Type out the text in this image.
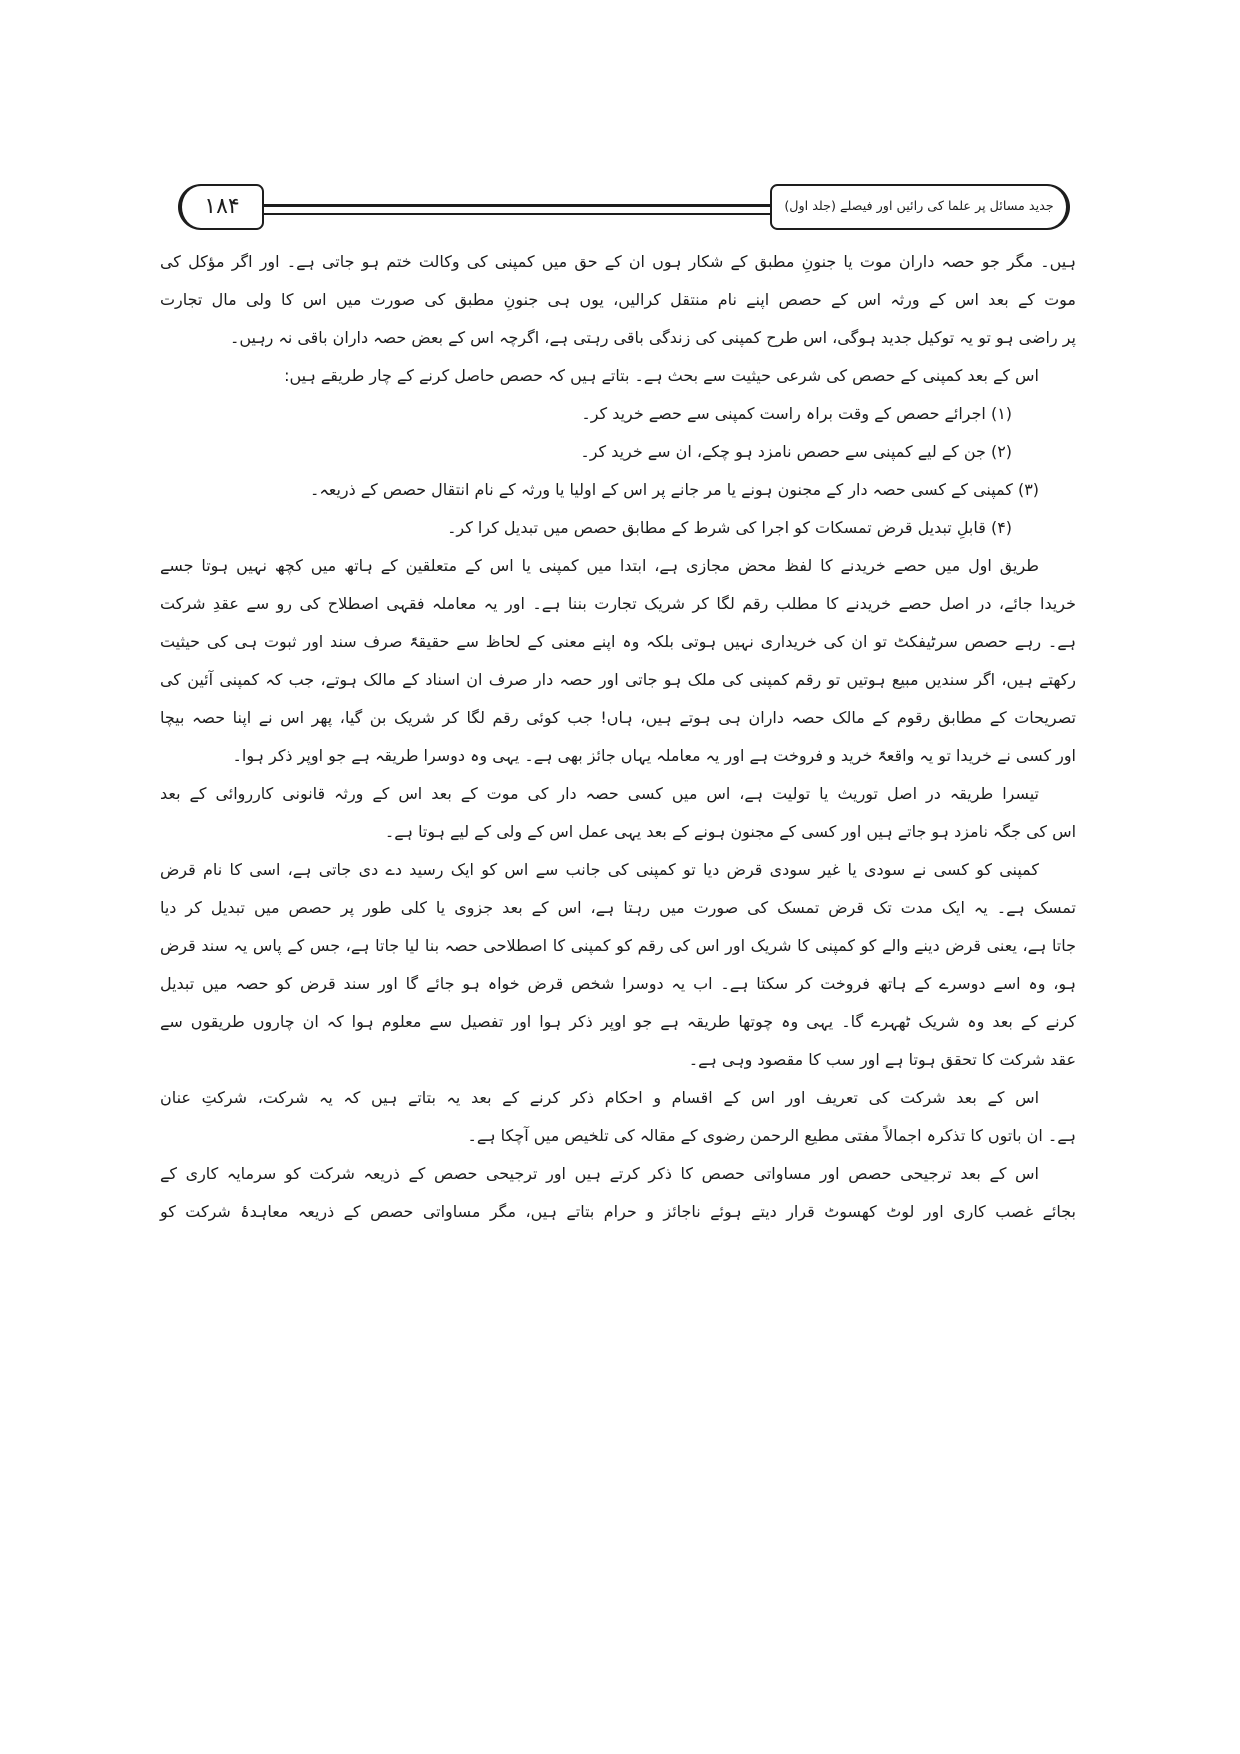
۱۸۴	جدید مسائل پر علما کی رائیں اور فیصلے (جلد اول)
ہیں۔ مگر جو حصہ داران موت یا جنونِ مطبق کے شکار ہوں ان کے حق میں کمپنی کی وکالت ختم ہو جاتی ہے۔ اور اگر مؤکل کی
موت کے بعد اس کے ورثہ اس کے حصص اپنے نام منتقل کرالیں، یوں ہی جنونِ مطبق کی صورت میں اس کا ولی مال تجارت
پر راضی ہو تو یہ توکیل جدید ہوگی، اس طرح کمپنی کی زندگی باقی رہتی ہے، اگرچہ اس کے بعض حصہ داران باقی نہ رہیں۔
اس کے بعد کمپنی کے حصص کی شرعی حیثیت سے بحث ہے۔ بتاتے ہیں کہ حصص حاصل کرنے کے چار طریقے ہیں:
(۱) اجرائے حصص کے وقت براہ راست کمپنی سے حصے خرید کر۔
(۲) جن کے لیے کمپنی سے حصص نامزد ہو چکے، ان سے خرید کر۔
(۳) کمپنی کے کسی حصہ دار کے مجنون ہونے یا مر جانے پر اس کے اولیا یا ورثہ کے نام انتقال حصص کے ذریعہ۔
(۴) قابلِ تبدیل قرض تمسکات کو اجرا کی شرط کے مطابق حصص میں تبدیل کرا کر۔
طریق اول میں حصے خریدنے کا لفظ محض مجازی ہے، ابتدا میں کمپنی یا اس کے متعلقین کے ہاتھ میں کچھ نہیں ہوتا جسے
خریدا جائے، در اصل حصے خریدنے کا مطلب رقم لگا کر شریک تجارت بننا ہے۔ اور یہ معاملہ فقہی اصطلاح کی رو سے عقدِ شرکت
ہے۔ رہے حصص سرٹیفکٹ تو ان کی خریداری نہیں ہوتی بلکہ وہ اپنے معنی کے لحاظ سے حقیقۃً صرف سند اور ثبوت ہی کی حیثیت
رکھتے ہیں، اگر سندیں مبیع ہوتیں تو رقم کمپنی کی ملک ہو جاتی اور حصہ دار صرف ان اسناد کے مالک ہوتے، جب کہ کمپنی آئین کی
تصریحات کے مطابق رقوم کے مالک حصہ داران ہی ہوتے ہیں، ہاں! جب کوئی رقم لگا کر شریک بن گیا، پھر اس نے اپنا حصہ بیچا
اور کسی نے خریدا تو یہ واقعۃً خرید و فروخت ہے اور یہ معاملہ یہاں جائز بھی ہے۔ یہی وہ دوسرا طریقہ ہے جو اوپر ذکر ہوا۔
تیسرا طریقہ در اصل توریث یا تولیت ہے، اس میں کسی حصہ دار کی موت کے بعد اس کے ورثہ قانونی کارروائی کے بعد
اس کی جگہ نامزد ہو جاتے ہیں اور کسی کے مجنون ہونے کے بعد یہی عمل اس کے ولی کے لیے ہوتا ہے۔
کمپنی کو کسی نے سودی یا غیر سودی قرض دیا تو کمپنی کی جانب سے اس کو ایک رسید دے دی جاتی ہے، اسی کا نام قرض
تمسک ہے۔ یہ ایک مدت تک قرض تمسک کی صورت میں رہتا ہے، اس کے بعد جزوی یا کلی طور پر حصص میں تبدیل کر دیا
جاتا ہے، یعنی قرض دینے والے کو کمپنی کا شریک اور اس کی رقم کو کمپنی کا اصطلاحی حصہ بنا لیا جاتا ہے، جس کے پاس یہ سند قرض
ہو، وہ اسے دوسرے کے ہاتھ فروخت کر سکتا ہے۔ اب یہ دوسرا شخص قرض خواہ ہو جائے گا اور سند قرض کو حصہ میں تبدیل
کرنے کے بعد وہ شریک ٹھہرے گا۔ یہی وہ چوتھا طریقہ ہے جو اوپر ذکر ہوا اور تفصیل سے معلوم ہوا کہ ان چاروں طریقوں سے
عقد شرکت کا تحقق ہوتا ہے اور سب کا مقصود وہی ہے۔
اس کے بعد شرکت کی تعریف اور اس کے اقسام و احکام ذکر کرنے کے بعد یہ بتاتے ہیں کہ یہ شرکت، شرکتِ عنان
ہے۔ ان باتوں کا تذکرہ اجمالاً مفتی مطیع الرحمن رضوی کے مقالہ کی تلخیص میں آچکا ہے۔
اس کے بعد ترجیحی حصص اور مساواتی حصص کا ذکر کرتے ہیں اور ترجیحی حصص کے ذریعہ شرکت کو سرمایہ کاری کے
بجائے غصب کاری اور لوٹ کھسوٹ قرار دیتے ہوئے ناجائز و حرام بتاتے ہیں، مگر مساواتی حصص کے ذریعہ معاہدۂ شرکت کو
